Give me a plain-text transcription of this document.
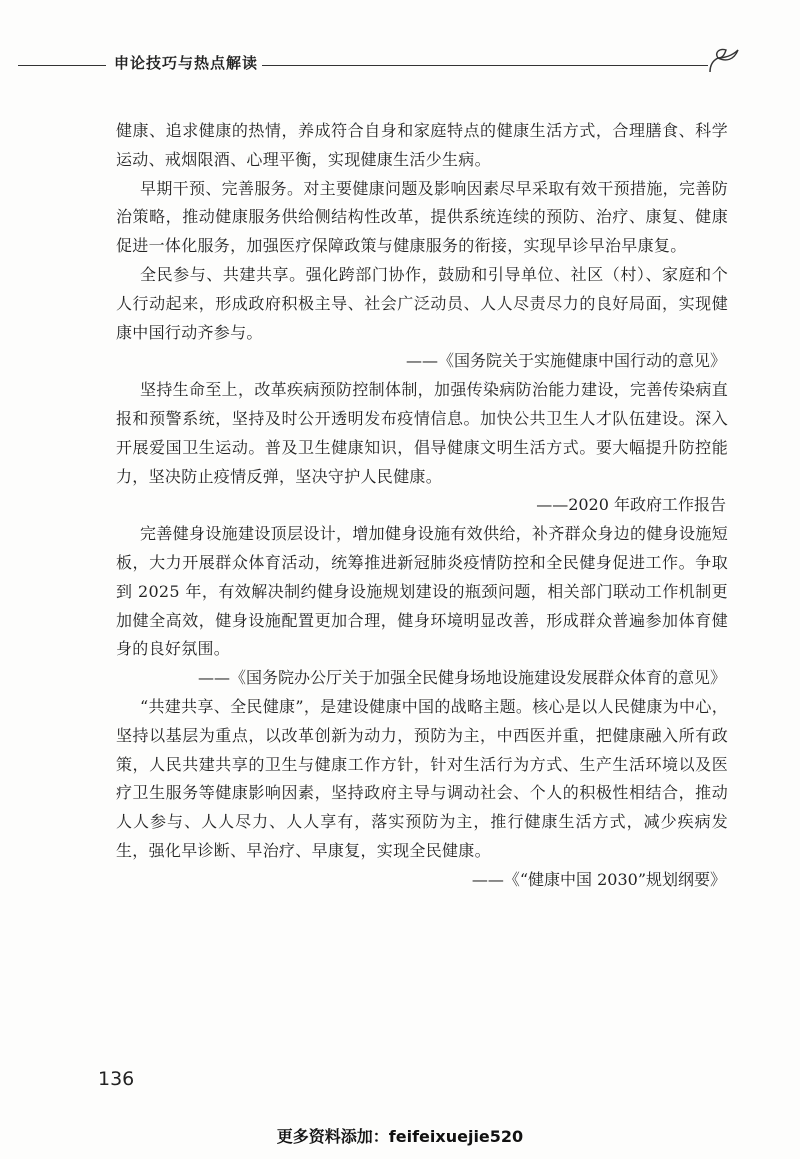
申论技巧与热点解读

健康、追求健康的热情，养成符合自身和家庭特点的健康生活方式，合理膳食、科学运动、戒烟限酒、心理平衡，实现健康生活少生病。

早期干预、完善服务。对主要健康问题及影响因素尽早采取有效干预措施，完善防治策略，推动健康服务供给侧结构性改革，提供系统连续的预防、治疗、康复、健康促进一体化服务，加强医疗保障政策与健康服务的衔接，实现早诊早治早康复。

全民参与、共建共享。强化跨部门协作，鼓励和引导单位、社区（村）、家庭和个人行动起来，形成政府积极主导、社会广泛动员、人人尽责尽力的良好局面，实现健康中国行动齐参与。

——《国务院关于实施健康中国行动的意见》

坚持生命至上，改革疾病预防控制体制，加强传染病防治能力建设，完善传染病直报和预警系统，坚持及时公开透明发布疫情信息。加快公共卫生人才队伍建设。深入开展爱国卫生运动。普及卫生健康知识，倡导健康文明生活方式。要大幅提升防控能力，坚决防止疫情反弹，坚决守护人民健康。

——2020 年政府工作报告

完善健身设施建设顶层设计，增加健身设施有效供给，补齐群众身边的健身设施短板，大力开展群众体育活动，统筹推进新冠肺炎疫情防控和全民健身促进工作。争取到 2025 年，有效解决制约健身设施规划建设的瓶颈问题，相关部门联动工作机制更加健全高效，健身设施配置更加合理，健身环境明显改善，形成群众普遍参加体育健身的良好氛围。

——《国务院办公厅关于加强全民健身场地设施建设发展群众体育的意见》

“共建共享、全民健康”，是建设健康中国的战略主题。核心是以人民健康为中心，坚持以基层为重点，以改革创新为动力，预防为主，中西医并重，把健康融入所有政策，人民共建共享的卫生与健康工作方针，针对生活行为方式、生产生活环境以及医疗卫生服务等健康影响因素，坚持政府主导与调动社会、个人的积极性相结合，推动人人参与、人人尽力、人人享有，落实预防为主，推行健康生活方式，减少疾病发生，强化早诊断、早治疗、早康复，实现全民健康。

——《“健康中国 2030”规划纲要》

136
更多资料添加：feifeixuejie520
